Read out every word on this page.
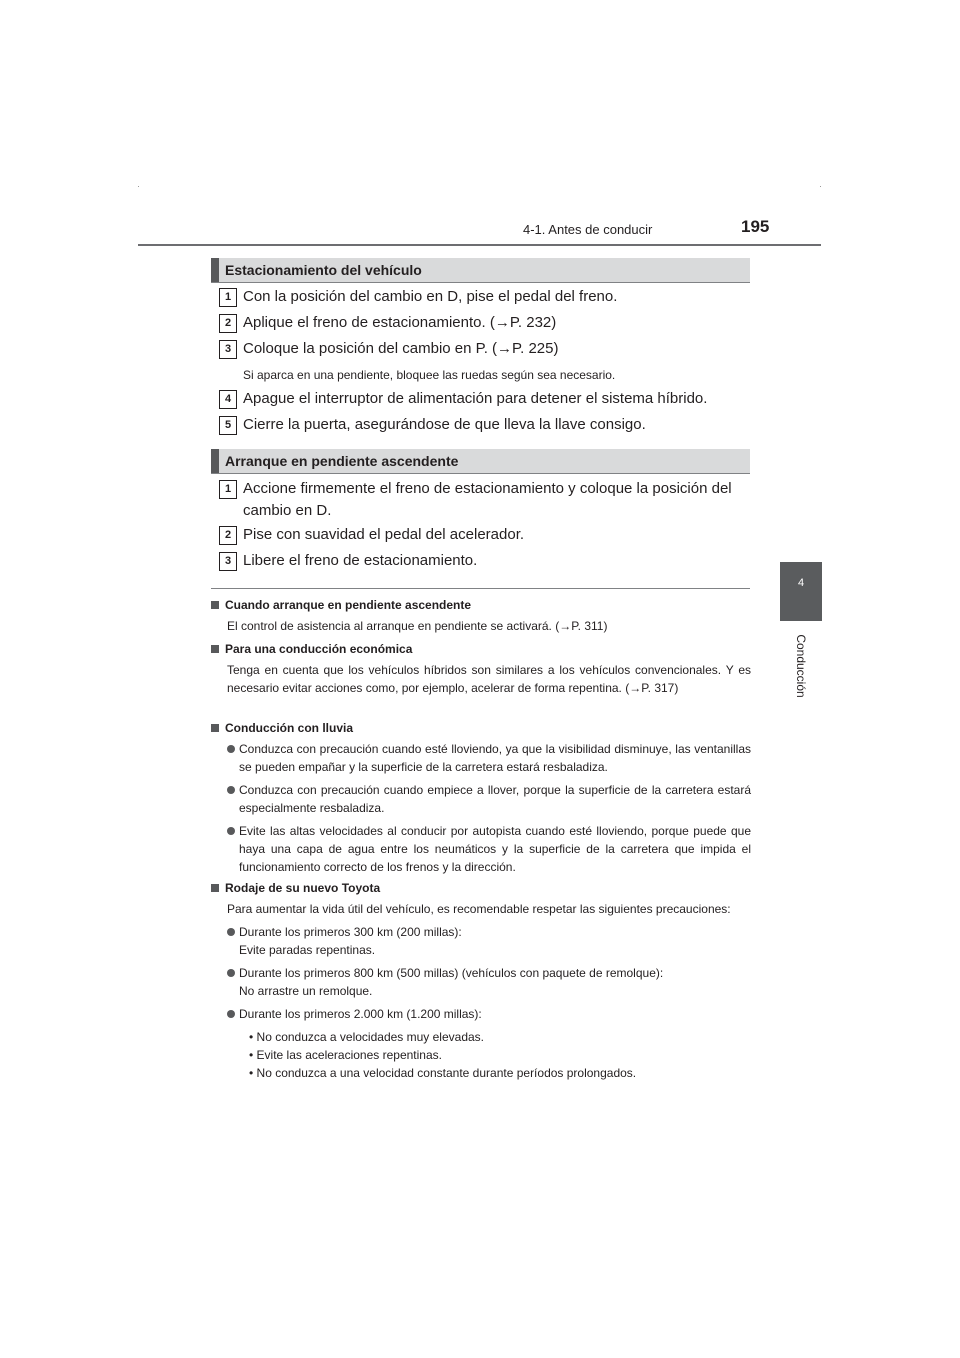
4-1. Antes de conducir	195
4
Conducción
Estacionamiento del vehículo
1 Con la posición del cambio en D, pise el pedal del freno.
2 Aplique el freno de estacionamiento. (→P. 232)
3 Coloque la posición del cambio en P. (→P. 225)
Si aparca en una pendiente, bloquee las ruedas según sea necesario.
4 Apague el interruptor de alimentación para detener el sistema híbrido.
5 Cierre la puerta, asegurándose de que lleva la llave consigo.
Arranque en pendiente ascendente
1 Accione firmemente el freno de estacionamiento y coloque la posición del cambio en D.
2 Pise con suavidad el pedal del acelerador.
3 Libere el freno de estacionamiento.
Cuando arranque en pendiente ascendente
El control de asistencia al arranque en pendiente se activará. (→P. 311)
Para una conducción económica
Tenga en cuenta que los vehículos híbridos son similares a los vehículos convencionales. Y es necesario evitar acciones como, por ejemplo, acelerar de forma repentina. (→P. 317)
Conducción con lluvia
Conduzca con precaución cuando esté lloviendo, ya que la visibilidad disminuye, las ventanillas se pueden empañar y la superficie de la carretera estará resbaladiza.
Conduzca con precaución cuando empiece a llover, porque la superficie de la carretera estará especialmente resbaladiza.
Evite las altas velocidades al conducir por autopista cuando esté lloviendo, porque puede que haya una capa de agua entre los neumáticos y la superficie de la carretera que impida el funcionamiento correcto de los frenos y la dirección.
Rodaje de su nuevo Toyota
Para aumentar la vida útil del vehículo, es recomendable respetar las siguientes precauciones:
Durante los primeros 300 km (200 millas):
Evite paradas repentinas.
Durante los primeros 800 km (500 millas) (vehículos con paquete de remolque):
No arrastre un remolque.
Durante los primeros 2.000 km (1.200 millas):
• No conduzca a velocidades muy elevadas.
• Evite las aceleraciones repentinas.
• No conduzca a una velocidad constante durante períodos prolongados.
